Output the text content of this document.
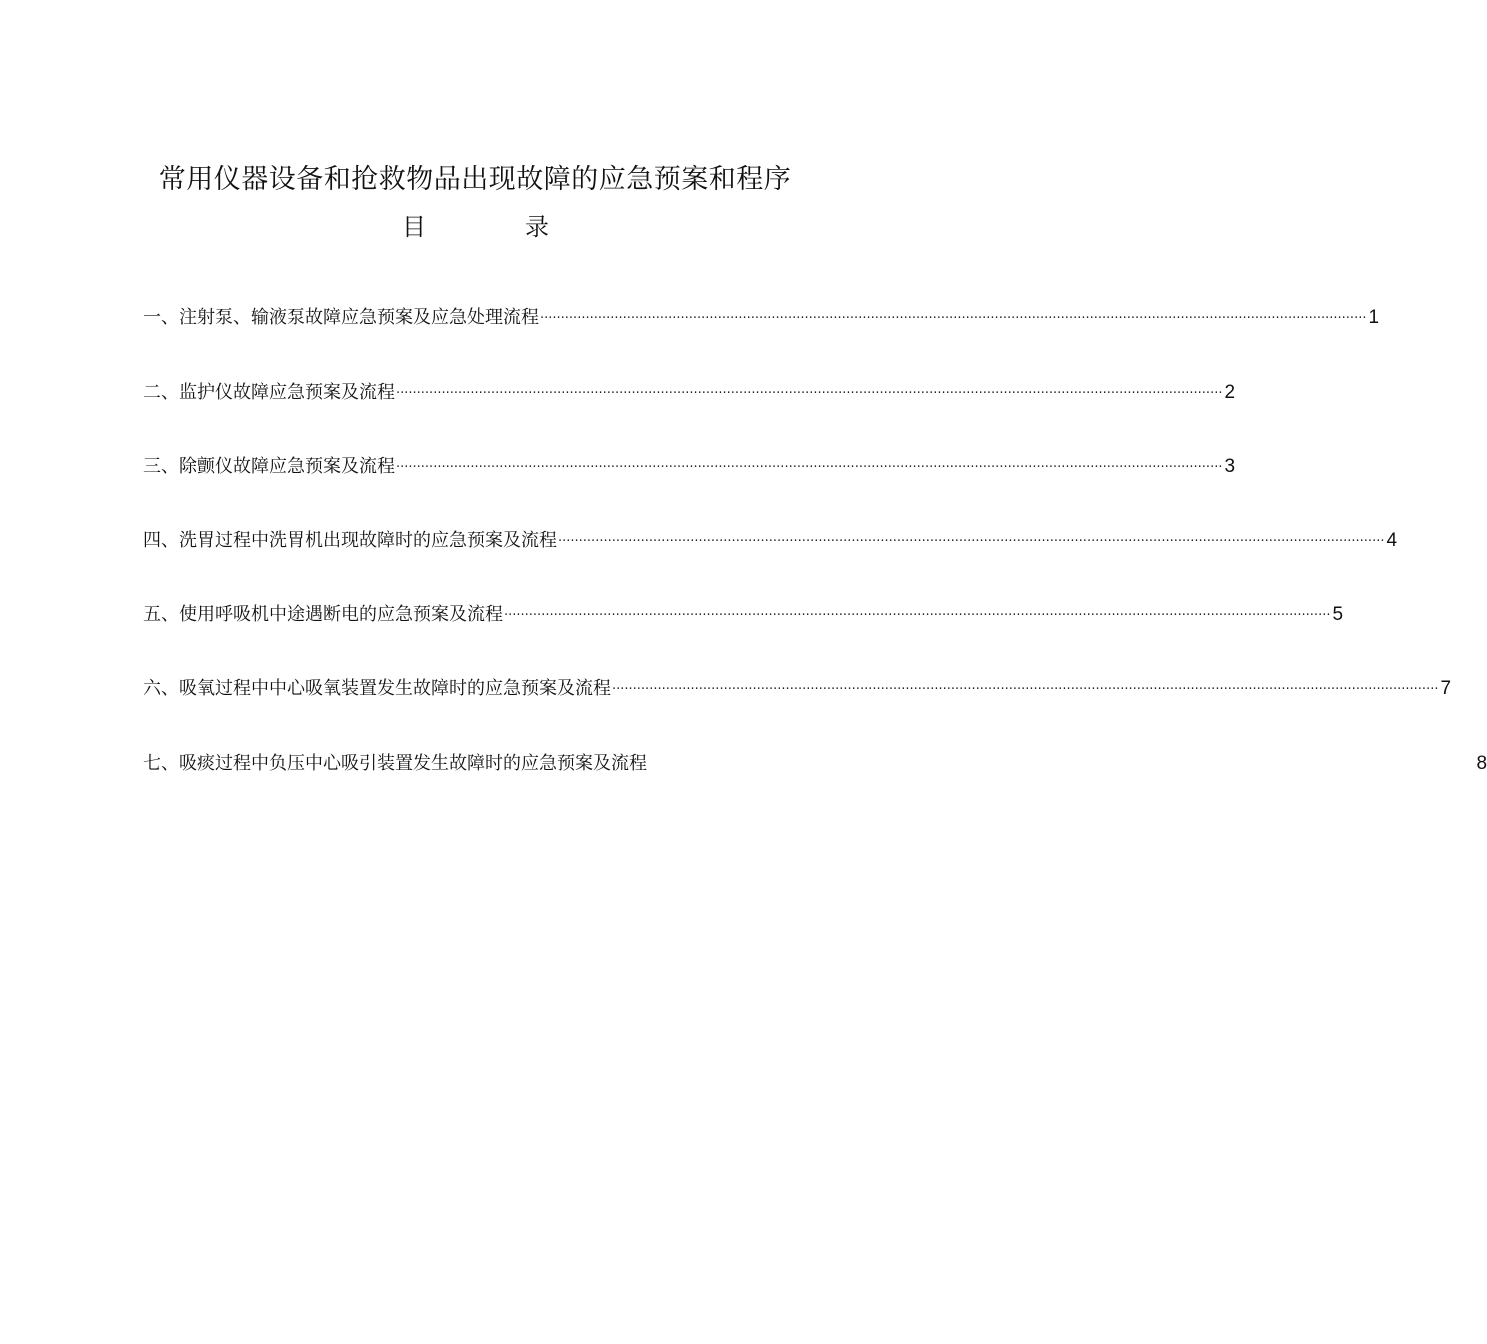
常用仪器设备和抢救物品出现故障的应急预案和程序
目	录
一、注射泵、输液泵故障应急预案及应急处理流程 ········································································································································································································ 1
二、监护仪故障应急预案及流程 ········································································································································································································ 2
三、除颤仪故障应急预案及流程 ········································································································································································································ 3
四、洗胃过程中洗胃机出现故障时的应急预案及流程 ········································································································································································································ 4
五、使用呼吸机中途遇断电的应急预案及流程 ········································································································································································································ 5
六、吸氧过程中中心吸氧装置发生故障时的应急预案及流程 ········································································································································································································ 7
七、吸痰过程中负压中心吸引装置发生故障时的应急预案及流程	8
